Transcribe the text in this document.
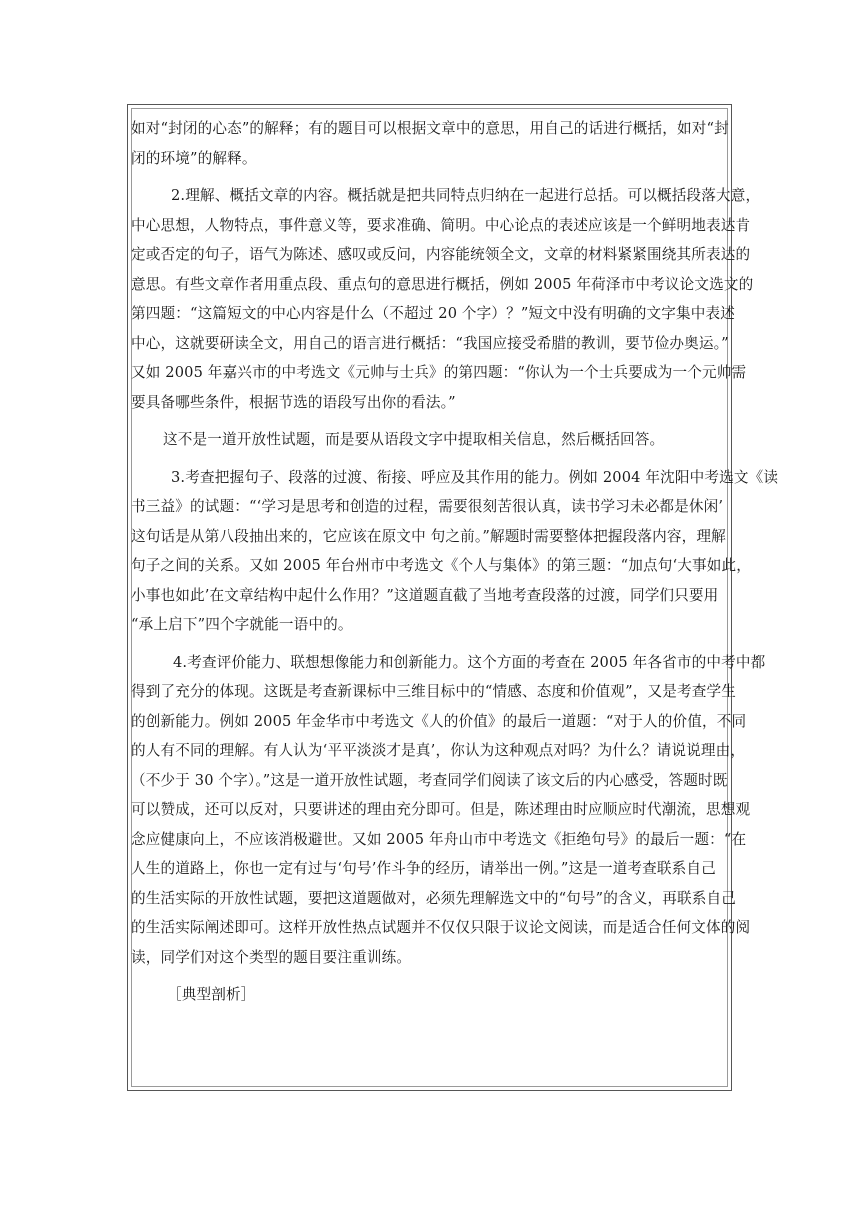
如对“封闭的心态”的解释；有的题目可以根据文章中的意思，用自己的话进行概括，如对“封
闭的环境”的解释。
2.理解、概括文章的内容。概括就是把共同特点归纳在一起进行总括。可以概括段落大意，
中心思想，人物特点，事件意义等，要求准确、简明。中心论点的表述应该是一个鲜明地表达肯
定或否定的句子，语气为陈述、感叹或反问，内容能统领全文，文章的材料紧紧围绕其所表达的
意思。有些文章作者用重点段、重点句的意思进行概括，例如 2005 年荷泽市中考议论文选文的
第四题：“这篇短文的中心内容是什么（不超过 20 个字）？”短文中没有明确的文字集中表述
中心，这就要研读全文，用自己的语言进行概括：“我国应接受希腊的教训，要节俭办奥运。”
又如 2005 年嘉兴市的中考选文《元帅与士兵》的第四题：“你认为一个士兵要成为一个元帅需
要具备哪些条件，根据节选的语段写出你的看法。”
这不是一道开放性试题，而是要从语段文字中提取相关信息，然后概括回答。
3.考查把握句子、段落的过渡、衔接、呼应及其作用的能力。例如 2004 年沈阳中考选文《读
书三益》的试题：“‘学习是思考和创造的过程，需要很刻苦很认真，读书学习未必都是休闲’
这句话是从第八段抽出来的，它应该在原文中 句之前。”解题时需要整体把握段落内容，理解
句子之间的关系。又如 2005 年台州市中考选文《个人与集体》的第三题：“加点句‘大事如此，
小事也如此’在文章结构中起什么作用？”这道题直截了当地考查段落的过渡，同学们只要用
“承上启下”四个字就能一语中的。
4.考查评价能力、联想想像能力和创新能力。这个方面的考查在 2005 年各省市的中考中都
得到了充分的体现。这既是考查新课标中三维目标中的“情感、态度和价值观”，又是考查学生
的创新能力。例如 2005 年金华市中考选文《人的价值》的最后一道题：“对于人的价值，不同
的人有不同的理解。有人认为‘平平淡淡才是真’，你认为这种观点对吗？为什么？请说说理由，
（不少于 30 个字）。”这是一道开放性试题，考查同学们阅读了该文后的内心感受，答题时既
可以赞成，还可以反对，只要讲述的理由充分即可。但是，陈述理由时应顺应时代潮流，思想观
念应健康向上，不应该消极避世。又如 2005 年舟山市中考选文《拒绝句号》的最后一题：“在
人生的道路上，你也一定有过与‘句号’作斗争的经历，请举出一例。”这是一道考查联系自己
的生活实际的开放性试题，要把这道题做对，必须先理解选文中的“句号”的含义，再联系自己
的生活实际阐述即可。这样开放性热点试题并不仅仅只限于议论文阅读，而是适合任何文体的阅
读，同学们对这个类型的题目要注重训练。
［典型剖析］
